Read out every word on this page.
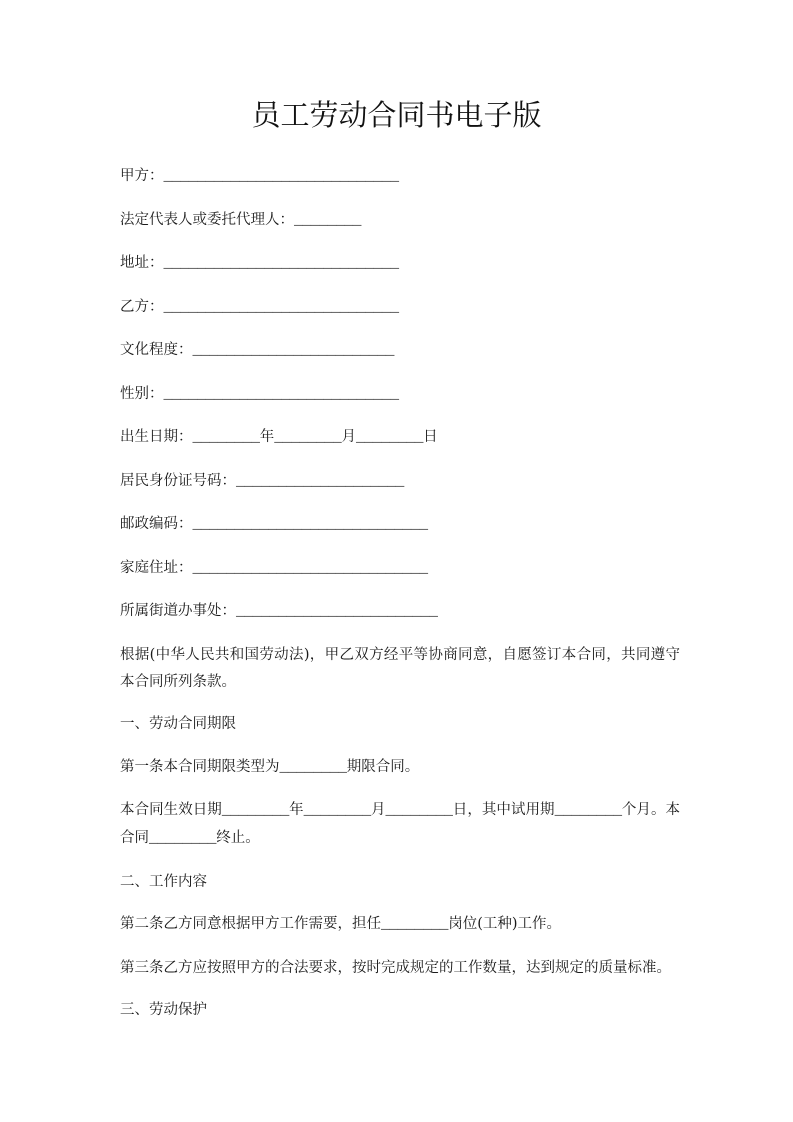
员工劳动合同书电子版

甲方：____________________________

法定代表人或委托代理人：________

地址：____________________________

乙方：____________________________

文化程度：________________________

性别：____________________________

出生日期：________年________月________日

居民身份证号码：____________________

邮政编码：____________________________

家庭住址：____________________________

所属街道办事处：________________________

根据(中华人民共和国劳动法)，甲乙双方经平等协商同意，自愿签订本合同，共同遵守本合同所列条款。

一、劳动合同期限

第一条本合同期限类型为________期限合同。

本合同生效日期________年________月________日，其中试用期________个月。本合同________终止。

二、工作内容

第二条乙方同意根据甲方工作需要，担任________岗位(工种)工作。

第三条乙方应按照甲方的合法要求，按时完成规定的工作数量，达到规定的质量标准。

三、劳动保护
